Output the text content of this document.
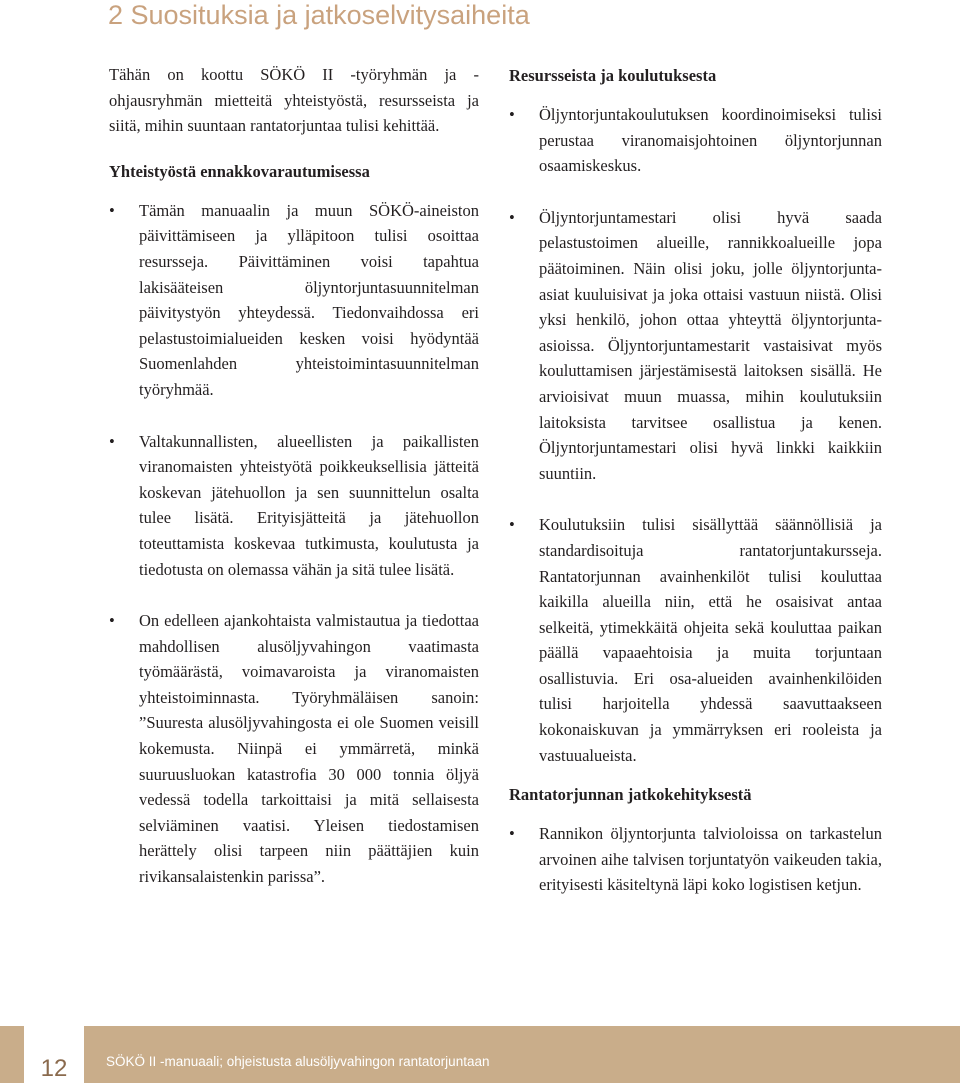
2 Suosituksia ja jatkoselvitysaiheita

Tähän on koottu SÖKÖ II -työryhmän ja -ohjausryhmän mietteitä yhteistyöstä, resursseista ja siitä, mihin suuntaan rantatorjuntaa tulisi kehittää.

Yhteistyöstä ennakkovarautumisessa
•	Tämän manuaalin ja muun SÖKÖ-aineiston päivittämiseen ja ylläpitoon tulisi osoittaa resursseja. Päivittäminen voisi tapahtua lakisääteisen öljyntorjuntasuunnitelman päivitystyön yhteydessä. Tiedonvaihdossa eri pelastustoimialueiden kesken voisi hyödyntää Suomenlahden yhteistoimintasuunnitelman työryhmää.
•	Valtakunnallisten, alueellisten ja paikallisten viranomaisten yhteistyötä poikkeuksellisia jätteitä koskevan jätehuollon ja sen suunnittelun osalta tulee lisätä. Erityisjätteitä ja jätehuollon toteuttamista koskevaa tutkimusta, koulutusta ja tiedotusta on olemassa vähän ja sitä tulee lisätä.
•	On edelleen ajankohtaista valmistautua ja tiedottaa mahdollisen alusöljyvahingon vaatimasta työmäärästä, voimavaroista ja viranomaisten yhteistoiminnasta. Työryhmäläisen sanoin: ”Suuresta alusöljyvahingosta ei ole Suomen veisill kokemusta. Niinpä ei ymmärretä, minkä suuruusluokan katastrofia 30 000 tonnia öljyä vedessä todella tarkoittaisi ja mitä sellaisesta selviäminen vaatisi. Yleisen tiedostamisen herättely olisi tarpeen niin päättäjien kuin rivikansalaistenkin parissa”.
Resursseista ja koulutuksesta
•	Öljyntorjuntakoulutuksen koordinoimiseksi tulisi perustaa viranomaisjohtoinen öljyntorjunnan osaamiskeskus.
•	Öljyntorjuntamestari olisi hyvä saada pelastustoimen alueille, rannikkoalueille jopa päätoiminen. Näin olisi joku, jolle öljyntorjunta-asiat kuuluisivat ja joka ottaisi vastuun niistä. Olisi yksi henkilö, johon ottaa yhteyttä öljyntorjunta-asioissa. Öljyntorjuntamestarit vastaisivat myös kouluttamisen järjestämisestä laitoksen sisällä. He arvioisivat muun muassa, mihin koulutuksiin laitoksista tarvitsee osallistua ja kenen. Öljyntorjuntamestari olisi hyvä linkki kaikkiin suuntiin.
•	Koulutuksiin tulisi sisällyttää säännöllisiä ja standardisoituja rantatorjuntakursseja. Rantatorjunnan avainhenkilöt tulisi kouluttaa kaikilla alueilla niin, että he osaisivat antaa selkeitä, ytimekkäitä ohjeita sekä kouluttaa paikan päällä vapaaehtoisia ja muita torjuntaan osallistuvia. Eri osa-alueiden avainhenkilöiden tulisi harjoitella yhdessä saavuttaakseen kokonaiskuvan ja ymmärryksen eri rooleista ja vastuualueista.
Rantatorjunnan jatkokehityksestä
•	Rannikon öljyntorjunta talvioloissa on tarkastelun arvoinen aihe talvisen torjuntatyön vaikeuden takia, erityisesti käsiteltynä läpi koko logistisen ketjun.
12	SÖKÖ II -manuaali; ohjeistusta alusöljyvahingon rantatorjuntaan
